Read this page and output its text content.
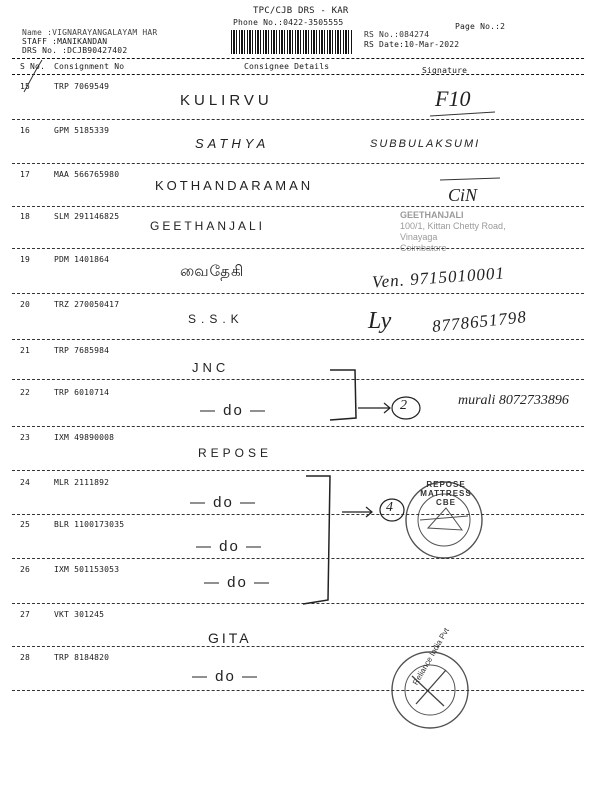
TPC/CJB DRS - KAR
Phone No.:0422-3505555
Name :VIGNARAYANGALAYAM HAR
STAFF :MANIKANDAN
DRS No. :DCJB90427402
RS No.:084274
RS Date:10-Mar-2022
Page No.:2
S No. Consignment No	Consignee Details	Signature
15	TRP 7069549
KULIRVU	F10
16	GPM 5185339
SATHYA	SUBBULAKSUMI
17	MAA 566765980
KOTHANDARAMAN	CiN
18	SLM 291146825
GEETHANJALI
GEETHANJALI
100/1, Kittan Chetty Road,
Vinayaga
Coimbatore
19	PDM 1401864
வைதேகி	Ven. 9715010001
20	TRZ 270050417
S.S.K	Ly 8778651798
21	TRP 7685984
JNC
22	TRP 6010714
— do —
murali 8072733896
23	IXM 49890008
REPOSE
24	MLR 2111892
— do —
25	BLR 1100173035
— do —
26	IXM 501153053
— do —
27	VKT 301245
GITA
28	TRP 8184820
— do —
2
4
REPOSE MATTRESS CBE
Reliance India Pvt
